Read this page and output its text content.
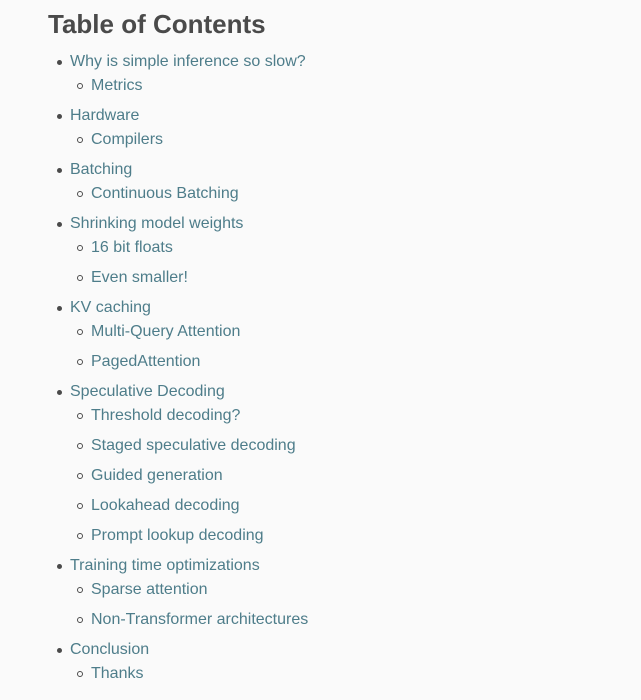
Table of Contents
Why is simple inference so slow?
Metrics
Hardware
Compilers
Batching
Continuous Batching
Shrinking model weights
16 bit floats
Even smaller!
KV caching
Multi-Query Attention
PagedAttention
Speculative Decoding
Threshold decoding?
Staged speculative decoding
Guided generation
Lookahead decoding
Prompt lookup decoding
Training time optimizations
Sparse attention
Non-Transformer architectures
Conclusion
Thanks
